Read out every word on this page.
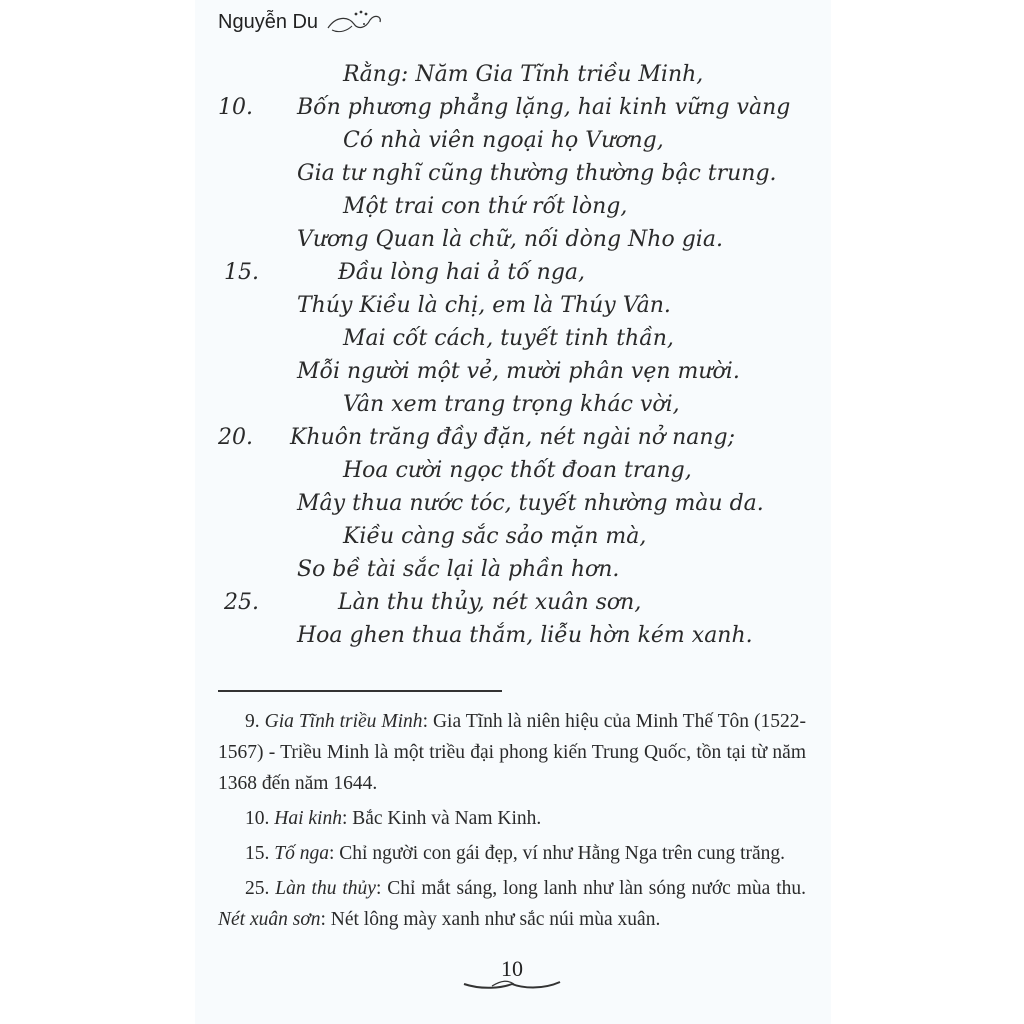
Nguyễn Du
Rằng: Năm Gia Tĩnh triều Minh,
10. Bốn phương phẳng lặng, hai kinh vững vàng
Có nhà viên ngoại họ Vương,
Gia tư nghĩ cũng thường thường bậc trung.
Một trai con thứ rốt lòng,
Vương Quan là chữ, nối dòng Nho gia.
15.	Đầu lòng hai ả tố nga,
Thúy Kiều là chị, em là Thúy Vân.
Mai cốt cách, tuyết tinh thần,
Mỗi người một vẻ, mười phân vẹn mười.
Vân xem trang trọng khác vời,
20. Khuôn trăng đầy đặn, nét ngài nở nang;
Hoa cười ngọc thốt đoan trang,
Mây thua nước tóc, tuyết nhường màu da.
Kiều càng sắc sảo mặn mà,
So bề tài sắc lại là phần hơn.
25.	Làn thu thủy, nét xuân sơn,
Hoa ghen thua thắm, liễu hờn kém xanh.

9. Gia Tĩnh triều Minh: Gia Tĩnh là niên hiệu của Minh Thế Tôn (1522-1567) - Triều Minh là một triều đại phong kiến Trung Quốc, tồn tại từ năm 1368 đến năm 1644.

10. Hai kinh: Bắc Kinh và Nam Kinh.

15. Tố nga: Chỉ người con gái đẹp, ví như Hằng Nga trên cung trăng.

25. Làn thu thủy: Chỉ mắt sáng, long lanh như làn sóng nước mùa thu. Nét xuân sơn: Nét lông mày xanh như sắc núi mùa xuân.

10
